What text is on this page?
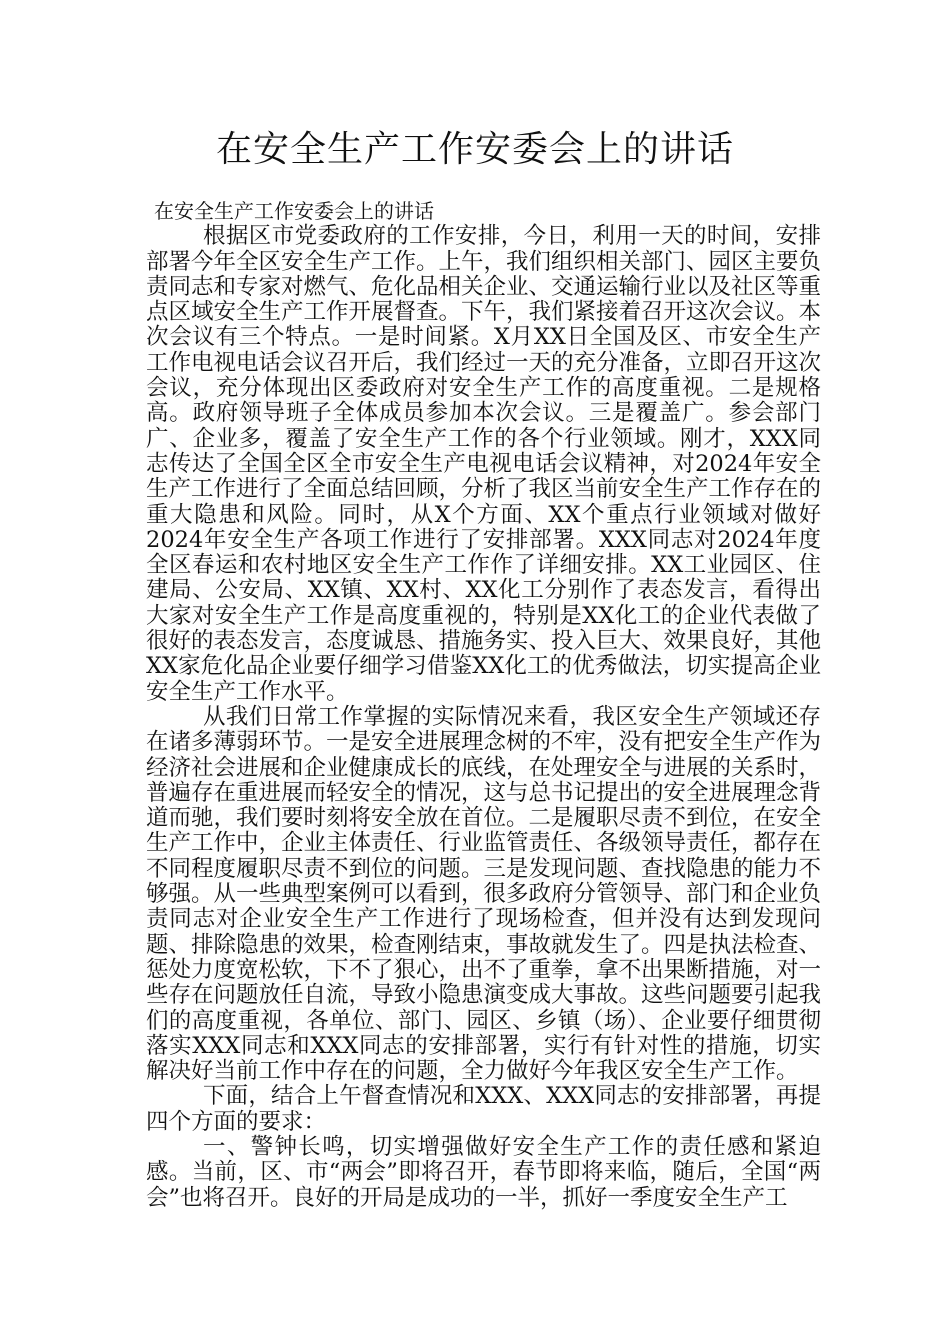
在安全生产工作安委会上的讲话

在安全生产工作安委会上的讲话

根据区市党委政府的工作安排，今日，利用一天的时间，安排部署今年全区安全生产工作。上午，我们组织相关部门、园区主要负责同志和专家对燃气、危化品相关企业、交通运输行业以及社区等重点区域安全生产工作开展督查。下午，我们紧接着召开这次会议。本次会议有三个特点。一是时间紧。X月XX日全国及区、市安全生产工作电视电话会议召开后，我们经过一天的充分准备，立即召开这次会议，充分体现出区委政府对安全生产工作的高度重视。二是规格高。政府领导班子全体成员参加本次会议。三是覆盖广。参会部门广、企业多，覆盖了安全生产工作的各个行业领域。刚才，XXX同志传达了全国全区全市安全生产电视电话会议精神，对2024年安全生产工作进行了全面总结回顾，分析了我区当前安全生产工作存在的重大隐患和风险。同时，从X个方面、XX个重点行业领域对做好2024年安全生产各项工作进行了安排部署。XXX同志对2024年度全区春运和农村地区安全生产工作作了详细安排。XX工业园区、住建局、公安局、XX镇、XX村、XX化工分别作了表态发言，看得出大家对安全生产工作是高度重视的，特别是XX化工的企业代表做了很好的表态发言，态度诚恳、措施务实、投入巨大、效果良好，其他XX家危化品企业要仔细学习借鉴XX化工的优秀做法，切实提高企业安全生产工作水平。

从我们日常工作掌握的实际情况来看，我区安全生产领域还存在诸多薄弱环节。一是安全进展理念树的不牢，没有把安全生产作为经济社会进展和企业健康成长的底线，在处理安全与进展的关系时，普遍存在重进展而轻安全的情况，这与总书记提出的安全进展理念背道而驰，我们要时刻将安全放在首位。二是履职尽责不到位，在安全生产工作中，企业主体责任、行业监管责任、各级领导责任，都存在不同程度履职尽责不到位的问题。三是发现问题、查找隐患的能力不够强。从一些典型案例可以看到，很多政府分管领导、部门和企业负责同志对企业安全生产工作进行了现场检查，但并没有达到发现问题、排除隐患的效果，检查刚结束，事故就发生了。四是执法检查、惩处力度宽松软，下不了狠心，出不了重拳，拿不出果断措施，对一些存在问题放任自流，导致小隐患演变成大事故。这些问题要引起我们的高度重视，各单位、部门、园区、乡镇（场）、企业要仔细贯彻落实XXX同志和XXX同志的安排部署，实行有针对性的措施，切实解决好当前工作中存在的问题，全力做好今年我区安全生产工作。

下面，结合上午督查情况和XXX、XXX同志的安排部署，再提四个方面的要求：

一、警钟长鸣，切实增强做好安全生产工作的责任感和紧迫感。当前，区、市“两会”即将召开，春节即将来临，随后，全国“两会”也将召开。良好的开局是成功的一半，抓好一季度安全生产工
